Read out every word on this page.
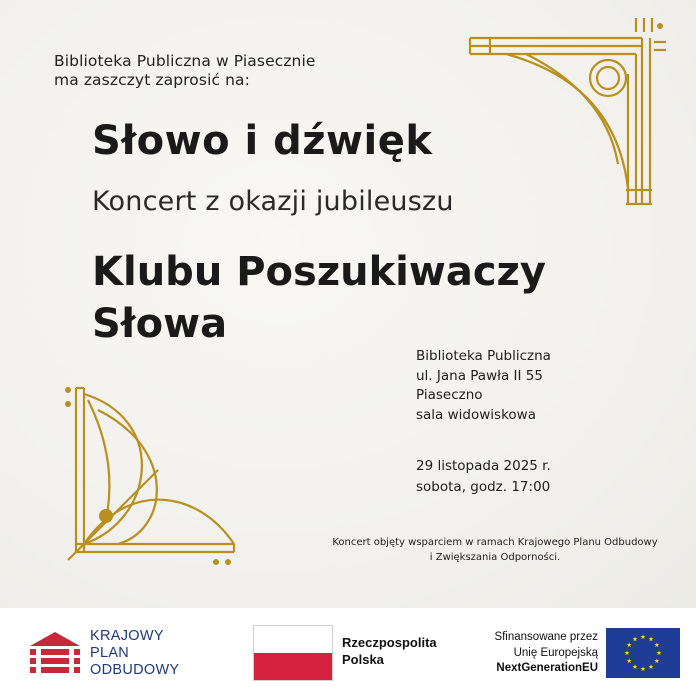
Biblioteka Publiczna w Piasecznie
ma zaszczyt zaprosić na:
Słowo i dźwięk
Koncert z okazji jubileuszu
Klubu Poszukiwaczy
Słowa
Biblioteka Publiczna
ul. Jana Pawła II 55
Piaseczno
sala widowiskowa
29 listopada 2025 r.
sobota, godz. 17:00
Koncert objęty wsparciem w ramach Krajowego Planu Odbudowy
i Zwiększania Odporności.
KRAJOWY
PLAN
ODBUDOWY
Rzeczpospolita
Polska
Sfinansowane przez
Unię Europejską
NextGenerationEU
